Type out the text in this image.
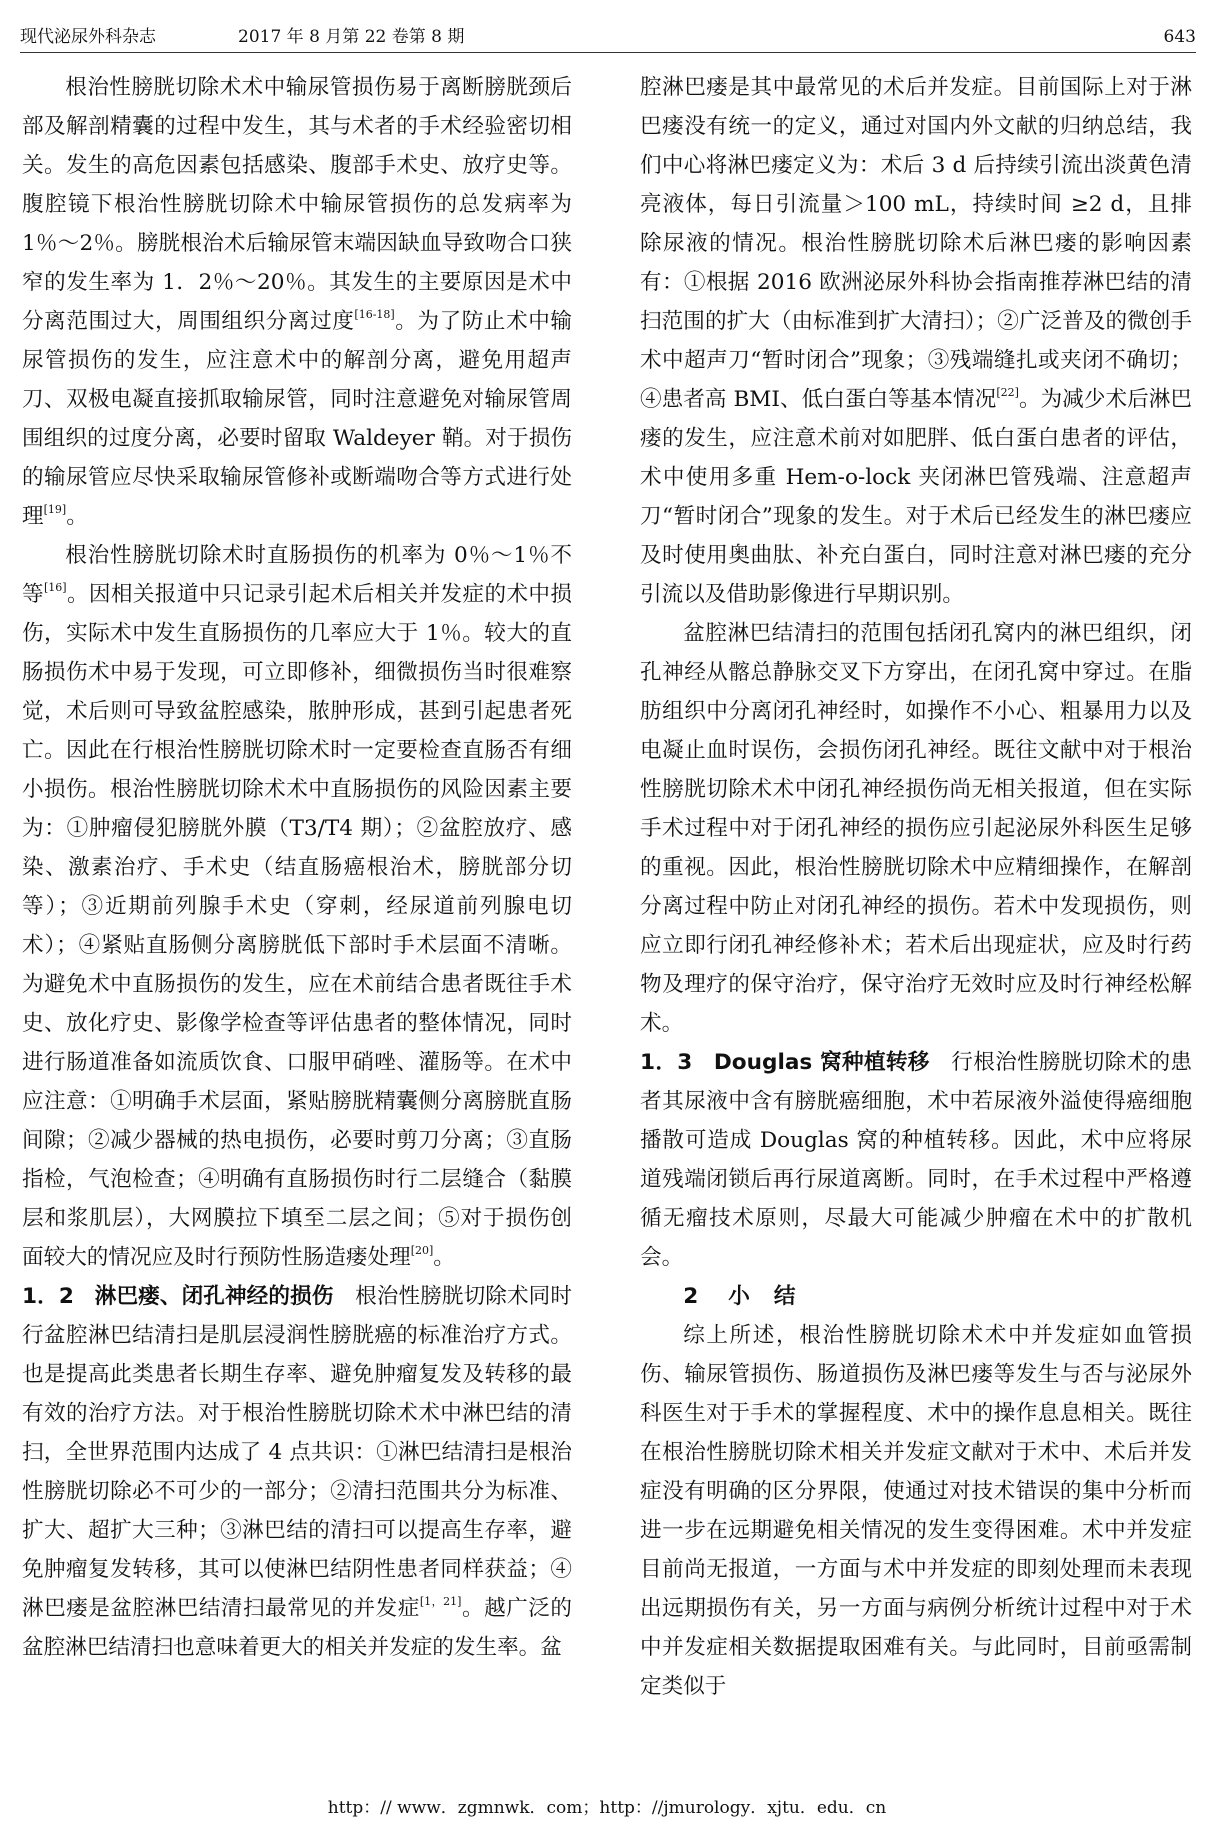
现代泌尿外科杂志	2017 年 8 月第 22 卷第 8 期	643

根治性膀胱切除术术中输尿管损伤易于离断膀胱颈后部及解剖精囊的过程中发生，其与术者的手术经验密切相关。发生的高危因素包括感染、腹部手术史、放疗史等。腹腔镜下根治性膀胱切除术中输尿管损伤的总发病率为 1％～2％。膀胱根治术后输尿管末端因缺血导致吻合口狭窄的发生率为 1．2％～20％。其发生的主要原因是术中分离范围过大，周围组织分离过度[16-18]。为了防止术中输尿管损伤的发生，应注意术中的解剖分离，避免用超声刀、双极电凝直接抓取输尿管，同时注意避免对输尿管周围组织的过度分离，必要时留取 Waldeyer 鞘。对于损伤的输尿管应尽快采取输尿管修补或断端吻合等方式进行处理[19]。

根治性膀胱切除术时直肠损伤的机率为 0％～1％不等[16]。因相关报道中只记录引起术后相关并发症的术中损伤，实际术中发生直肠损伤的几率应大于 1％。较大的直肠损伤术中易于发现，可立即修补，细微损伤当时很难察觉，术后则可导致盆腔感染，脓肿形成，甚到引起患者死亡。因此在行根治性膀胱切除术时一定要检查直肠否有细小损伤。根治性膀胱切除术术中直肠损伤的风险因素主要为：①肿瘤侵犯膀胱外膜（T3/T4 期）；②盆腔放疗、感染、激素治疗、手术史（结直肠癌根治术，膀胱部分切等）；③近期前列腺手术史（穿刺，经尿道前列腺电切术）；④紧贴直肠侧分离膀胱低下部时手术层面不清晰。为避免术中直肠损伤的发生，应在术前结合患者既往手术史、放化疗史、影像学检查等评估患者的整体情况，同时进行肠道准备如流质饮食、口服甲硝唑、灌肠等。在术中应注意：①明确手术层面，紧贴膀胱精囊侧分离膀胱直肠间隙；②减少器械的热电损伤，必要时剪刀分离；③直肠指检，气泡检查；④明确有直肠损伤时行二层缝合（黏膜层和浆肌层），大网膜拉下填至二层之间；⑤对于损伤创面较大的情况应及时行预防性肠造瘘处理[20]。

1．2 淋巴瘘、闭孔神经的损伤 根治性膀胱切除术同时行盆腔淋巴结清扫是肌层浸润性膀胱癌的标准治疗方式。也是提高此类患者长期生存率、避免肿瘤复发及转移的最有效的治疗方法。对于根治性膀胱切除术术中淋巴结的清扫，全世界范围内达成了 4 点共识：①淋巴结清扫是根治性膀胱切除必不可少的一部分；②清扫范围共分为标准、扩大、超扩大三种；③淋巴结的清扫可以提高生存率，避免肿瘤复发转移，其可以使淋巴结阴性患者同样获益；④淋巴瘘是盆腔淋巴结清扫最常见的并发症[1，21]。越广泛的盆腔淋巴结清扫也意味着更大的相关并发症的发生率。盆

腔淋巴瘘是其中最常见的术后并发症。目前国际上对于淋巴瘘没有统一的定义，通过对国内外文献的归纳总结，我们中心将淋巴瘘定义为：术后 3 d 后持续引流出淡黄色清亮液体，每日引流量＞100 mL，持续时间 ≥2 d，且排除尿液的情况。根治性膀胱切除术后淋巴瘘的影响因素有：①根据 2016 欧洲泌尿外科协会指南推荐淋巴结的清扫范围的扩大（由标准到扩大清扫）；②广泛普及的微创手术中超声刀“暂时闭合”现象；③残端缝扎或夹闭不确切；④患者高 BMI、低白蛋白等基本情况[22]。为减少术后淋巴瘘的发生，应注意术前对如肥胖、低白蛋白患者的评估，术中使用多重 Hem-o-lock 夹闭淋巴管残端、注意超声刀“暂时闭合”现象的发生。对于术后已经发生的淋巴瘘应及时使用奥曲肽、补充白蛋白，同时注意对淋巴瘘的充分引流以及借助影像进行早期识别。

盆腔淋巴结清扫的范围包括闭孔窝内的淋巴组织，闭孔神经从髂总静脉交叉下方穿出，在闭孔窝中穿过。在脂肪组织中分离闭孔神经时，如操作不小心、粗暴用力以及电凝止血时误伤，会损伤闭孔神经。既往文献中对于根治性膀胱切除术术中闭孔神经损伤尚无相关报道，但在实际手术过程中对于闭孔神经的损伤应引起泌尿外科医生足够的重视。因此，根治性膀胱切除术中应精细操作，在解剖分离过程中防止对闭孔神经的损伤。若术中发现损伤，则应立即行闭孔神经修补术；若术后出现症状，应及时行药物及理疗的保守治疗，保守治疗无效时应及时行神经松解术。

1．3 Douglas 窝种植转移 行根治性膀胱切除术的患者其尿液中含有膀胱癌细胞，术中若尿液外溢使得癌细胞播散可造成 Douglas 窝的种植转移。因此，术中应将尿道残端闭锁后再行尿道离断。同时，在手术过程中严格遵循无瘤技术原则，尽最大可能减少肿瘤在术中的扩散机会。

2 小结

综上所述，根治性膀胱切除术术中并发症如血管损伤、输尿管损伤、肠道损伤及淋巴瘘等发生与否与泌尿外科医生对于手术的掌握程度、术中的操作息息相关。既往在根治性膀胱切除术相关并发症文献对于术中、术后并发症没有明确的区分界限，使通过对技术错误的集中分析而进一步在远期避免相关情况的发生变得困难。术中并发症目前尚无报道，一方面与术中并发症的即刻处理而未表现出远期损伤有关，另一方面与病例分析统计过程中对于术中并发症相关数据提取困难有关。与此同时，目前亟需制定类似于

http：// www．zgmnwk．com；http：//jmurology．xjtu．edu．cn
